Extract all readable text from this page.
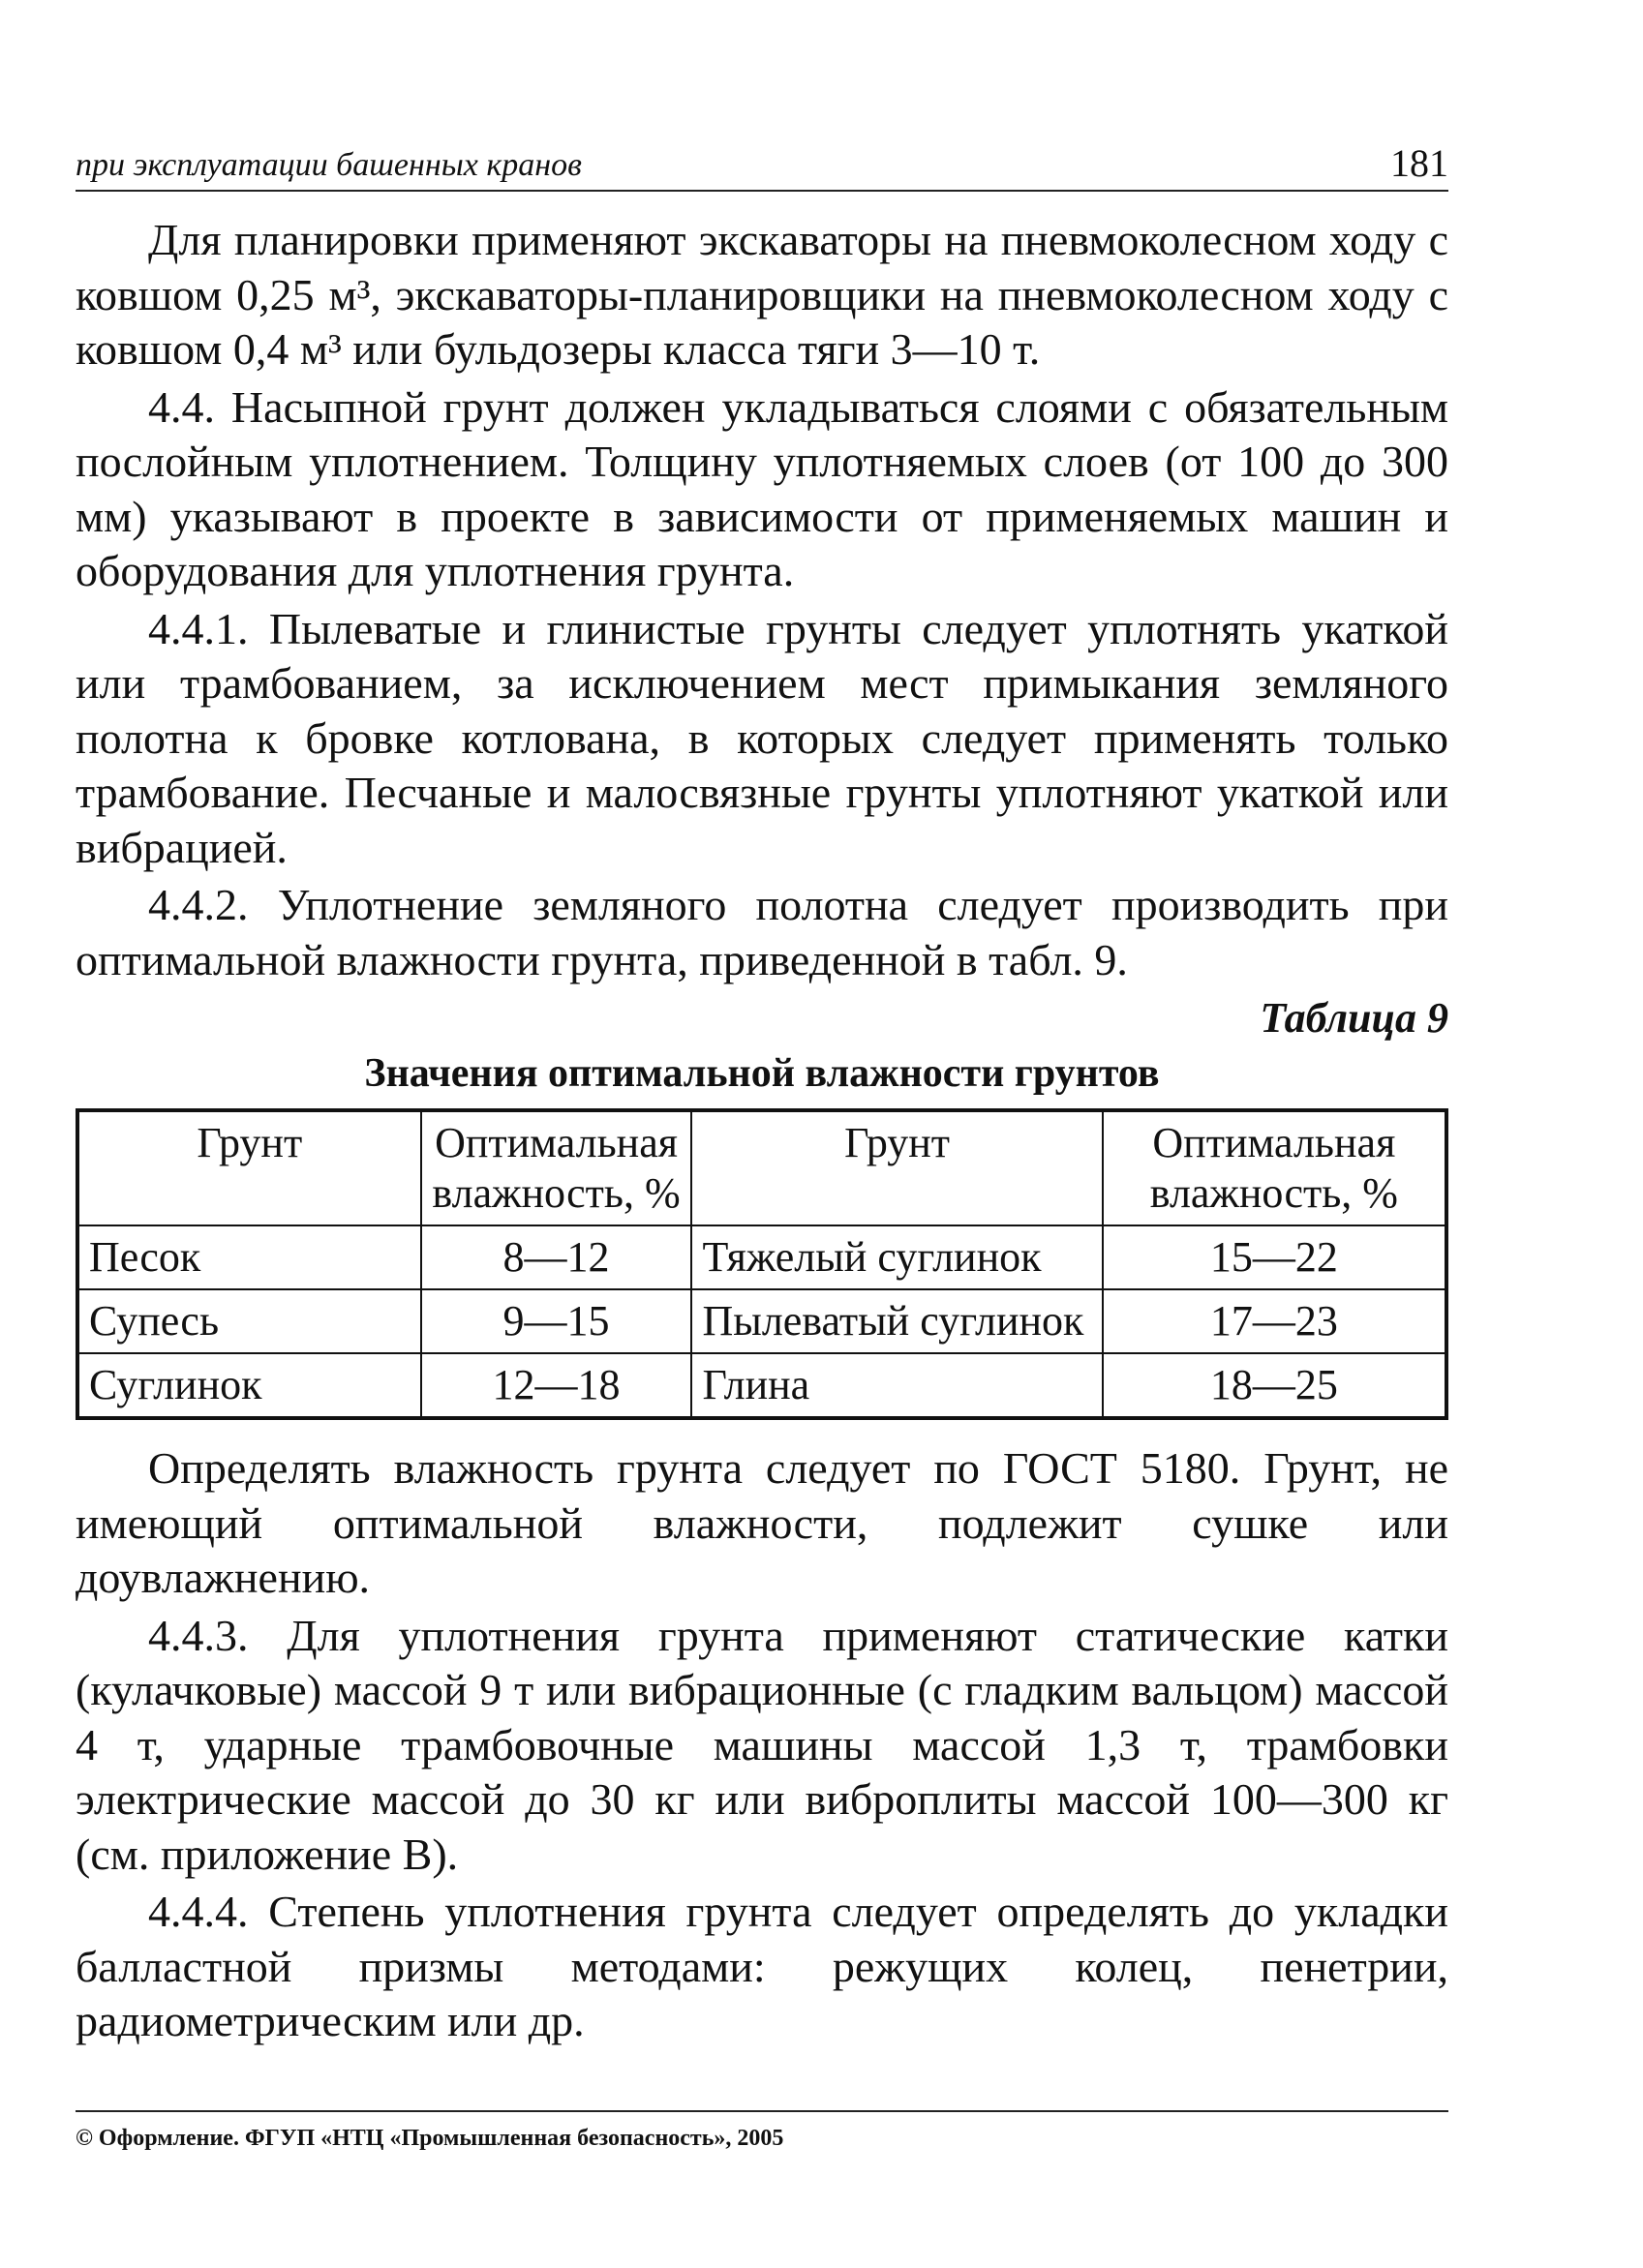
при эксплуатации башенных кранов	181

Для планировки применяют экскаваторы на пневмоколесном ходу с ковшом 0,25 м³, экскаваторы-планировщики на пневмоколесном ходу с ковшом 0,4 м³ или бульдозеры класса тяги 3—10 т.

4.4. Насыпной грунт должен укладываться слоями с обязательным послойным уплотнением. Толщину уплотняемых слоев (от 100 до 300 мм) указывают в проекте в зависимости от применяемых машин и оборудования для уплотнения грунта.

4.4.1. Пылеватые и глинистые грунты следует уплотнять укаткой или трамбованием, за исключением мест примыкания земляного полотна к бровке котлована, в которых следует применять только трамбование. Песчаные и малосвязные грунты уплотняют укаткой или вибрацией.

4.4.2. Уплотнение земляного полотна следует производить при оптимальной влажности грунта, приведенной в табл. 9.

Таблица 9
Значения оптимальной влажности грунтов
Грунт	Оптимальная влажность, %	Грунт	Оптимальная влажность, %
Песок	8—12	Тяжелый суглинок	15—22
Супесь	9—15	Пылеватый суглинок	17—23
Суглинок	12—18	Глина	18—25

Определять влажность грунта следует по ГОСТ 5180. Грунт, не имеющий оптимальной влажности, подлежит сушке или доувлажнению.

4.4.3. Для уплотнения грунта применяют статические катки (кулачковые) массой 9 т или вибрационные (с гладким вальцом) массой 4 т, ударные трамбовочные машины массой 1,3 т, трамбовки электрические массой до 30 кг или виброплиты массой 100—300 кг (см. приложение В).

4.4.4. Степень уплотнения грунта следует определять до укладки балластной призмы методами: режущих колец, пенетрии, радиометрическим или др.

© Оформление. ФГУП «НТЦ «Промышленная безопасность», 2005
